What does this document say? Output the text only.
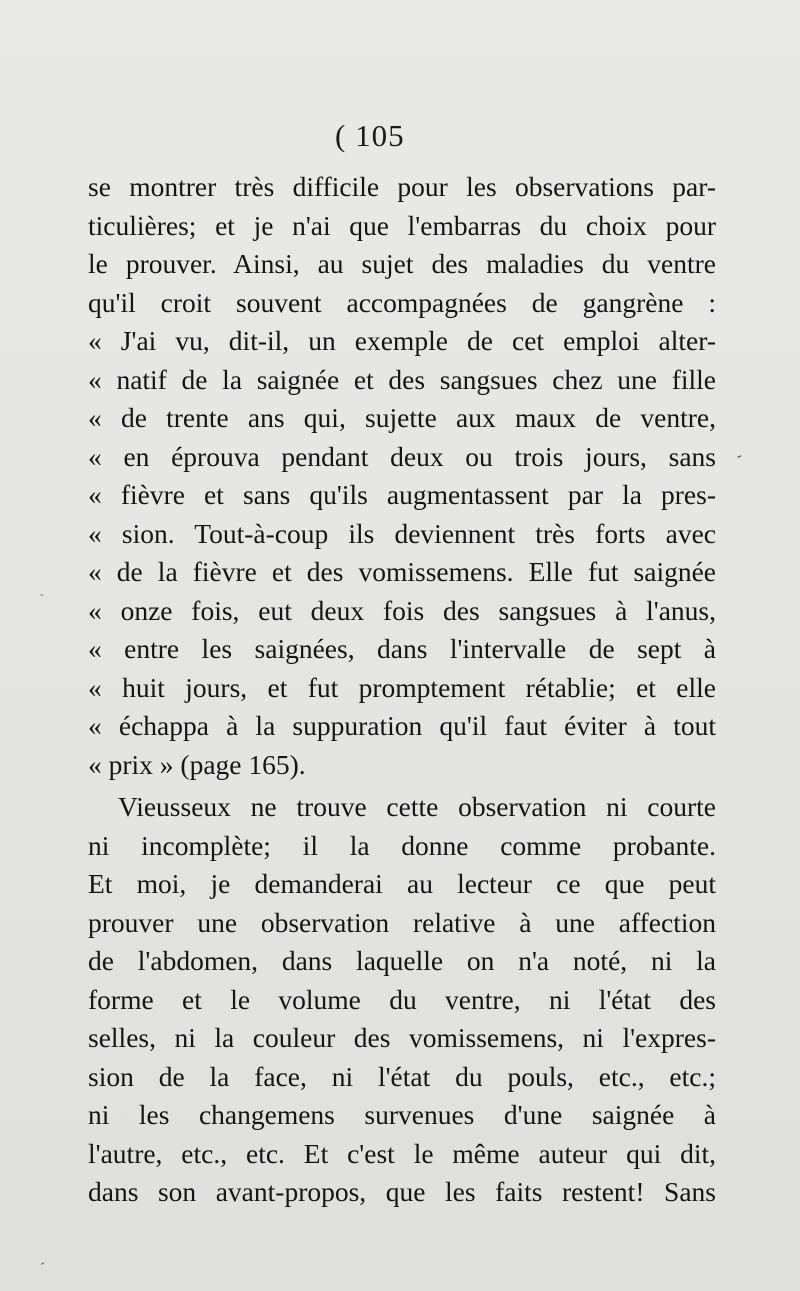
( 105
se montrer très difficile pour les observations par-
ticulières; et je n'ai que l'embarras du choix pour
le prouver. Ainsi, au sujet des maladies du ventre
qu'il croit souvent accompagnées de gangrène :
« J'ai vu, dit-il, un exemple de cet emploi alter-
« natif de la saignée et des sangsues chez une fille
« de trente ans qui, sujette aux maux de ventre,
« en éprouva pendant deux ou trois jours, sans
« fièvre et sans qu'ils augmentassent par la pres-
« sion. Tout-à-coup ils deviennent très forts avec
« de la fièvre et des vomissemens. Elle fut saignée
« onze fois, eut deux fois des sangsues à l'anus,
« entre les saignées, dans l'intervalle de sept à
« huit jours, et fut promptement rétablie; et elle
« échappa à la suppuration qu'il faut éviter à tout
« prix » (page 165).
Vieusseux ne trouve cette observation ni courte
ni incomplète; il la donne comme probante.
Et moi, je demanderai au lecteur ce que peut
prouver une observation relative à une affection
de l'abdomen, dans laquelle on n'a noté, ni la
forme et le volume du ventre, ni l'état des
selles, ni la couleur des vomissemens, ni l'expres-
sion de la face, ni l'état du pouls, etc., etc.;
ni les changemens survenues d'une saignée à
l'autre, etc., etc. Et c'est le même auteur qui dit,
dans son avant-propos, que les faits restent! Sans
‐
‐
‐
